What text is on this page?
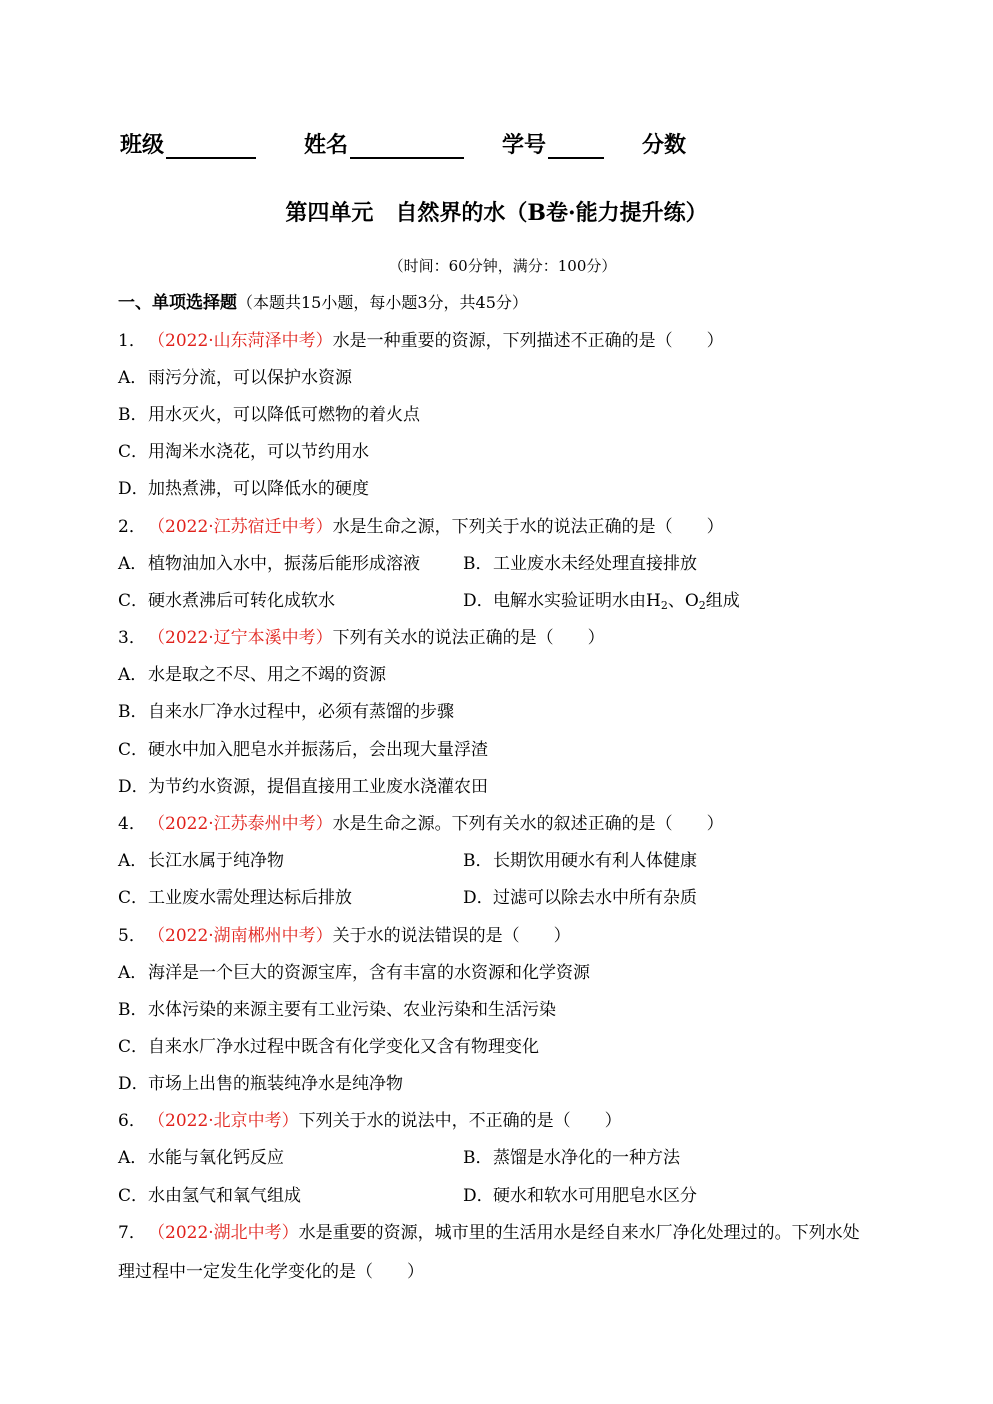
班级	姓名	学号	分数
第四单元　自然界的水（B卷·能力提升练）
（时间：60分钟，满分：100分）
一、单项选择题（本题共15小题，每小题3分，共45分）
1． （2022·山东菏泽中考）水是一种重要的资源，下列描述不正确的是（　　）
A．雨污分流，可以保护水资源
B．用水灭火，可以降低可燃物的着火点
C．用淘米水浇花，可以节约用水
D．加热煮沸，可以降低水的硬度
2． （2022·江苏宿迁中考）水是生命之源，下列关于水的说法正确的是（　　）
A．植物油加入水中，振荡后能形成溶液	B．工业废水未经处理直接排放
C．硬水煮沸后可转化成软水	D．电解水实验证明水由$H_2$、$O_2$组成
3． （2022·辽宁本溪中考）下列有关水的说法正确的是（　　）
A．水是取之不尽、用之不竭的资源
B．自来水厂净水过程中，必须有蒸馏的步骤
C．硬水中加入肥皂水并振荡后，会出现大量浮渣
D．为节约水资源，提倡直接用工业废水浇灌农田
4． （2022·江苏泰州中考）水是生命之源。下列有关水的叙述正确的是（　　）
A．长江水属于纯净物	B．长期饮用硬水有利人体健康
C．工业废水需处理达标后排放	D．过滤可以除去水中所有杂质
5． （2022·湖南郴州中考）关于水的说法错误的是（　　）
A．海洋是一个巨大的资源宝库，含有丰富的水资源和化学资源
B．水体污染的来源主要有工业污染、农业污染和生活污染
C．自来水厂净水过程中既含有化学变化又含有物理变化
D．市场上出售的瓶装纯净水是纯净物
6． （2022·北京中考）下列关于水的说法中，不正确的是（　　）
A．水能与氧化钙反应	B．蒸馏是水净化的一种方法
C．水由氢气和氧气组成	D．硬水和软水可用肥皂水区分
7． （2022·湖北中考）水是重要的资源，城市里的生活用水是经自来水厂净化处理过的。下列水处
理过程中一定发生化学变化的是（　　）
